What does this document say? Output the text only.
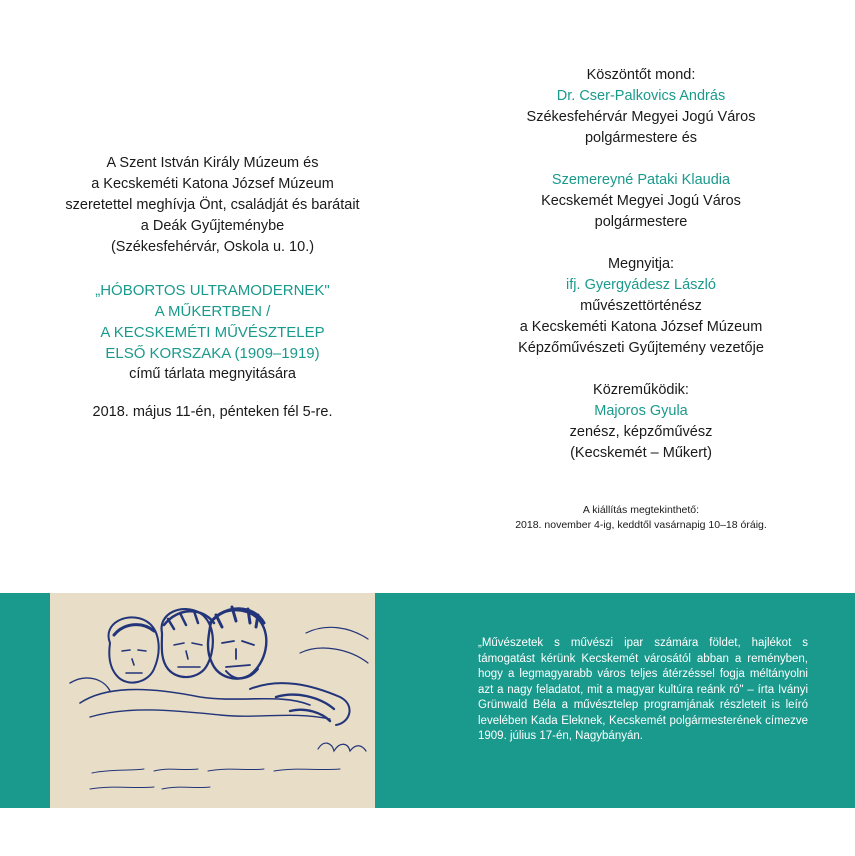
A Szent István Király Múzeum és
a Kecskeméti Katona József Múzeum
szeretettel meghívja Önt, családját és barátait
a Deák Gyűjteménybe
(Székesfehérvár, Oskola u. 10.)
„HÓBORTOS ULTRAMODERNEK"
A MŰKERTBEN /
A KECSKEMÉTI MŰVÉSZTELEP
ELSŐ KORSZAKA (1909–1919)
című tárlata megnyitására
2018. május 11-én, pénteken fél 5-re.
Köszöntőt mond:
Dr. Cser-Palkovics András
Székesfehérvár Megyei Jogú Város
polgármestere és
Szemereyné Pataki Klaudia
Kecskemét Megyei Jogú Város
polgármestere
Megnyitja:
ifj. Gyergyádesz László
művészettörténész
a Kecskeméti Katona József Múzeum
Képzőművészeti Gyűjtemény vezetője
Közreműködik:
Majoros Gyula
zenész, képzőművész
(Kecskemét – Műkert)
A kiállítás megtekinthető:
2018. november 4-ig, keddtől vasárnapig 10–18 óráig.
„Művészetek s művészi ipar számára földet, hajlékot s támogatást kérünk Kecskemét városától abban a reményben, hogy a legmagyarabb város teljes átérzéssel fogja méltányolni azt a nagy feladatot, mit a magyar kultúra reánk ró" – írta Iványi Grünwald Béla a művésztelep programjának részleteit is leíró levelében Kada Eleknek, Kecskemét polgármesterének címezve 1909. július 17-én, Nagybányán.
